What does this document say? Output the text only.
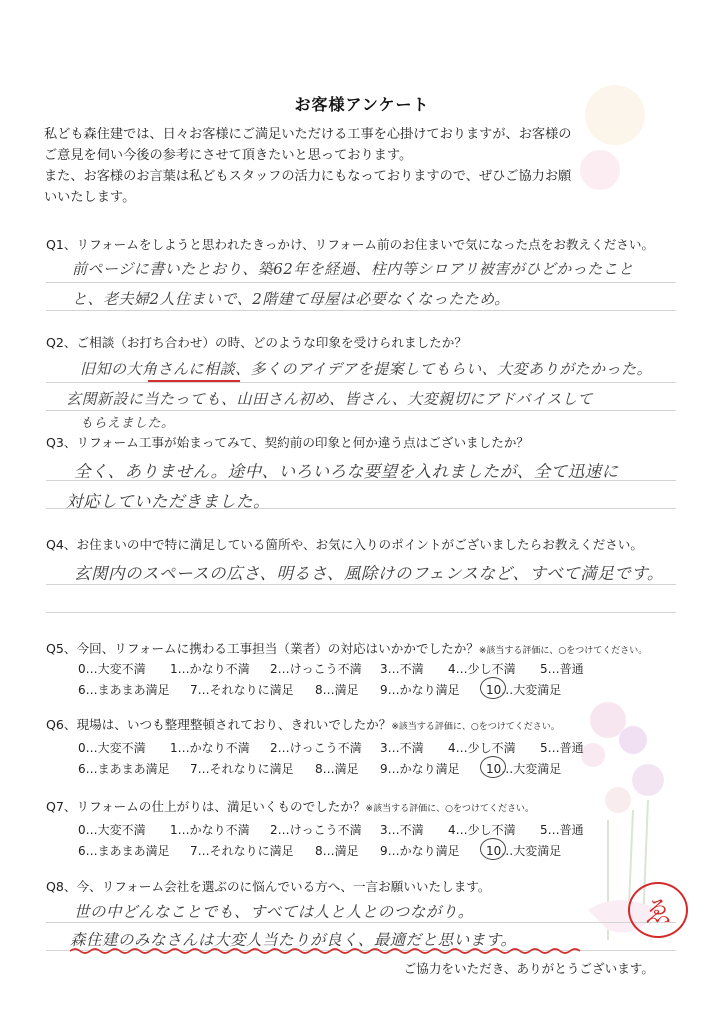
お客様アンケート
私ども森住建では、日々お客様にご満足いただける工事を心掛けておりますが、お客様の
ご意見を伺い今後の参考にさせて頂きたいと思っております。
また、お客様のお言葉は私どもスタッフの活力にもなっておりますので、ぜひご協力お願
いいたします。
Q1、リフォームをしようと思われたきっかけ、リフォーム前のお住まいで気になった点をお教えください。
前ページに書いたとおり、築62年を経過、柱内等シロアリ被害がひどかったこと
と、老夫婦2人住まいで、2階建て母屋は必要なくなったため。
Q2、ご相談（お打ち合わせ）の時、どのような印象を受けられましたか？
旧知の大角さんに相談、多くのアイデアを提案してもらい、大変ありがたかった。
玄関新設に当たっても、山田さん初め、皆さん、大変親切にアドバイスして
もらえました。
Q3、リフォーム工事が始まってみて、契約前の印象と何か違う点はございましたか？
全く、ありません。途中、いろいろな要望を入れましたが、全て迅速に
対応していただきました。
Q4、お住まいの中で特に満足している箇所や、お気に入りのポイントがございましたらお教えください。
玄関内のスペースの広さ、明るさ、風除けのフェンスなど、すべて満足です。
Q5、今回、リフォームに携わる工事担当（業者）の対応はいかかでしたか？※該当する評価に、○をつけてください。
0…大変不満 1…かなり不満 2…けっこう不満 3…不満 4…少し不満 5…普通
6…まあまあ満足 7…それなりに満足 8…満足 9…かなり満足 10…大変満足
Q6、現場は、いつも整理整頓されており、きれいでしたか？※該当する評価に、○をつけてください。
0…大変不満 1…かなり不満 2…けっこう不満 3…不満 4…少し不満 5…普通
6…まあまあ満足 7…それなりに満足 8…満足 9…かなり満足 10…大変満足
Q7、リフォームの仕上がりは、満足いくものでしたか？※該当する評価に、○をつけてください。
0…大変不満 1…かなり不満 2…けっこう不満 3…不満 4…少し不満 5…普通
6…まあまあ満足 7…それなりに満足 8…満足 9…かなり満足 10…大変満足
Q8、今、リフォーム会社を選ぶのに悩んでいる方へ、一言お願いいたします。
世の中どんなことでも、すべては人と人とのつながり。
森住建のみなさんは大変人当たりが良く、最適だと思います。
ゑ
ご協力をいただき、ありがとうございます。
